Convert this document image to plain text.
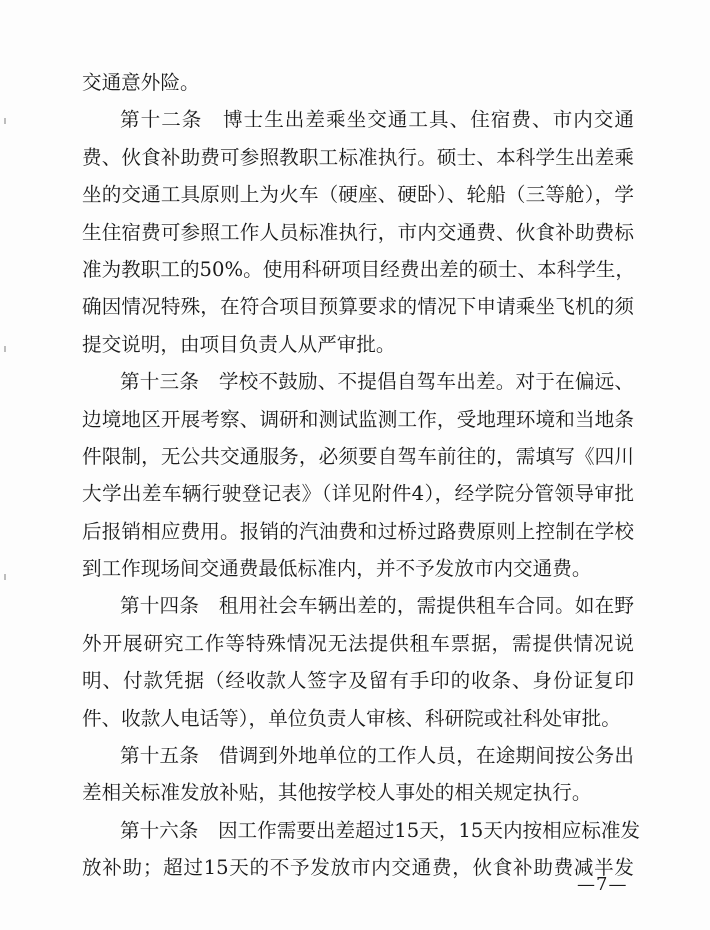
交通意外险。
第十二条　博士生出差乘坐交通工具、住宿费、市内交通
费、伙食补助费可参照教职工标准执行。硕士、本科学生出差乘
坐的交通工具原则上为火车（硬座、硬卧）、轮船（三等舱），学
生住宿费可参照工作人员标准执行，市内交通费、伙食补助费标
准为教职工的50%。使用科研项目经费出差的硕士、本科学生，
确因情况特殊，在符合项目预算要求的情况下申请乘坐飞机的须
提交说明，由项目负责人从严审批。
第十三条　学校不鼓励、不提倡自驾车出差。对于在偏远、
边境地区开展考察、调研和测试监测工作，受地理环境和当地条
件限制，无公共交通服务，必须要自驾车前往的，需填写《四川
大学出差车辆行驶登记表》（详见附件4），经学院分管领导审批
后报销相应费用。报销的汽油费和过桥过路费原则上控制在学校
到工作现场间交通费最低标准内，并不予发放市内交通费。
第十四条　租用社会车辆出差的，需提供租车合同。如在野
外开展研究工作等特殊情况无法提供租车票据，需提供情况说
明、付款凭据（经收款人签字及留有手印的收条、身份证复印
件、收款人电话等），单位负责人审核、科研院或社科处审批。
第十五条　借调到外地单位的工作人员，在途期间按公务出
差相关标准发放补贴，其他按学校人事处的相关规定执行。
第十六条　因工作需要出差超过15天，15天内按相应标准发
放补助；超过15天的不予发放市内交通费，伙食补助费减半发
—7—
